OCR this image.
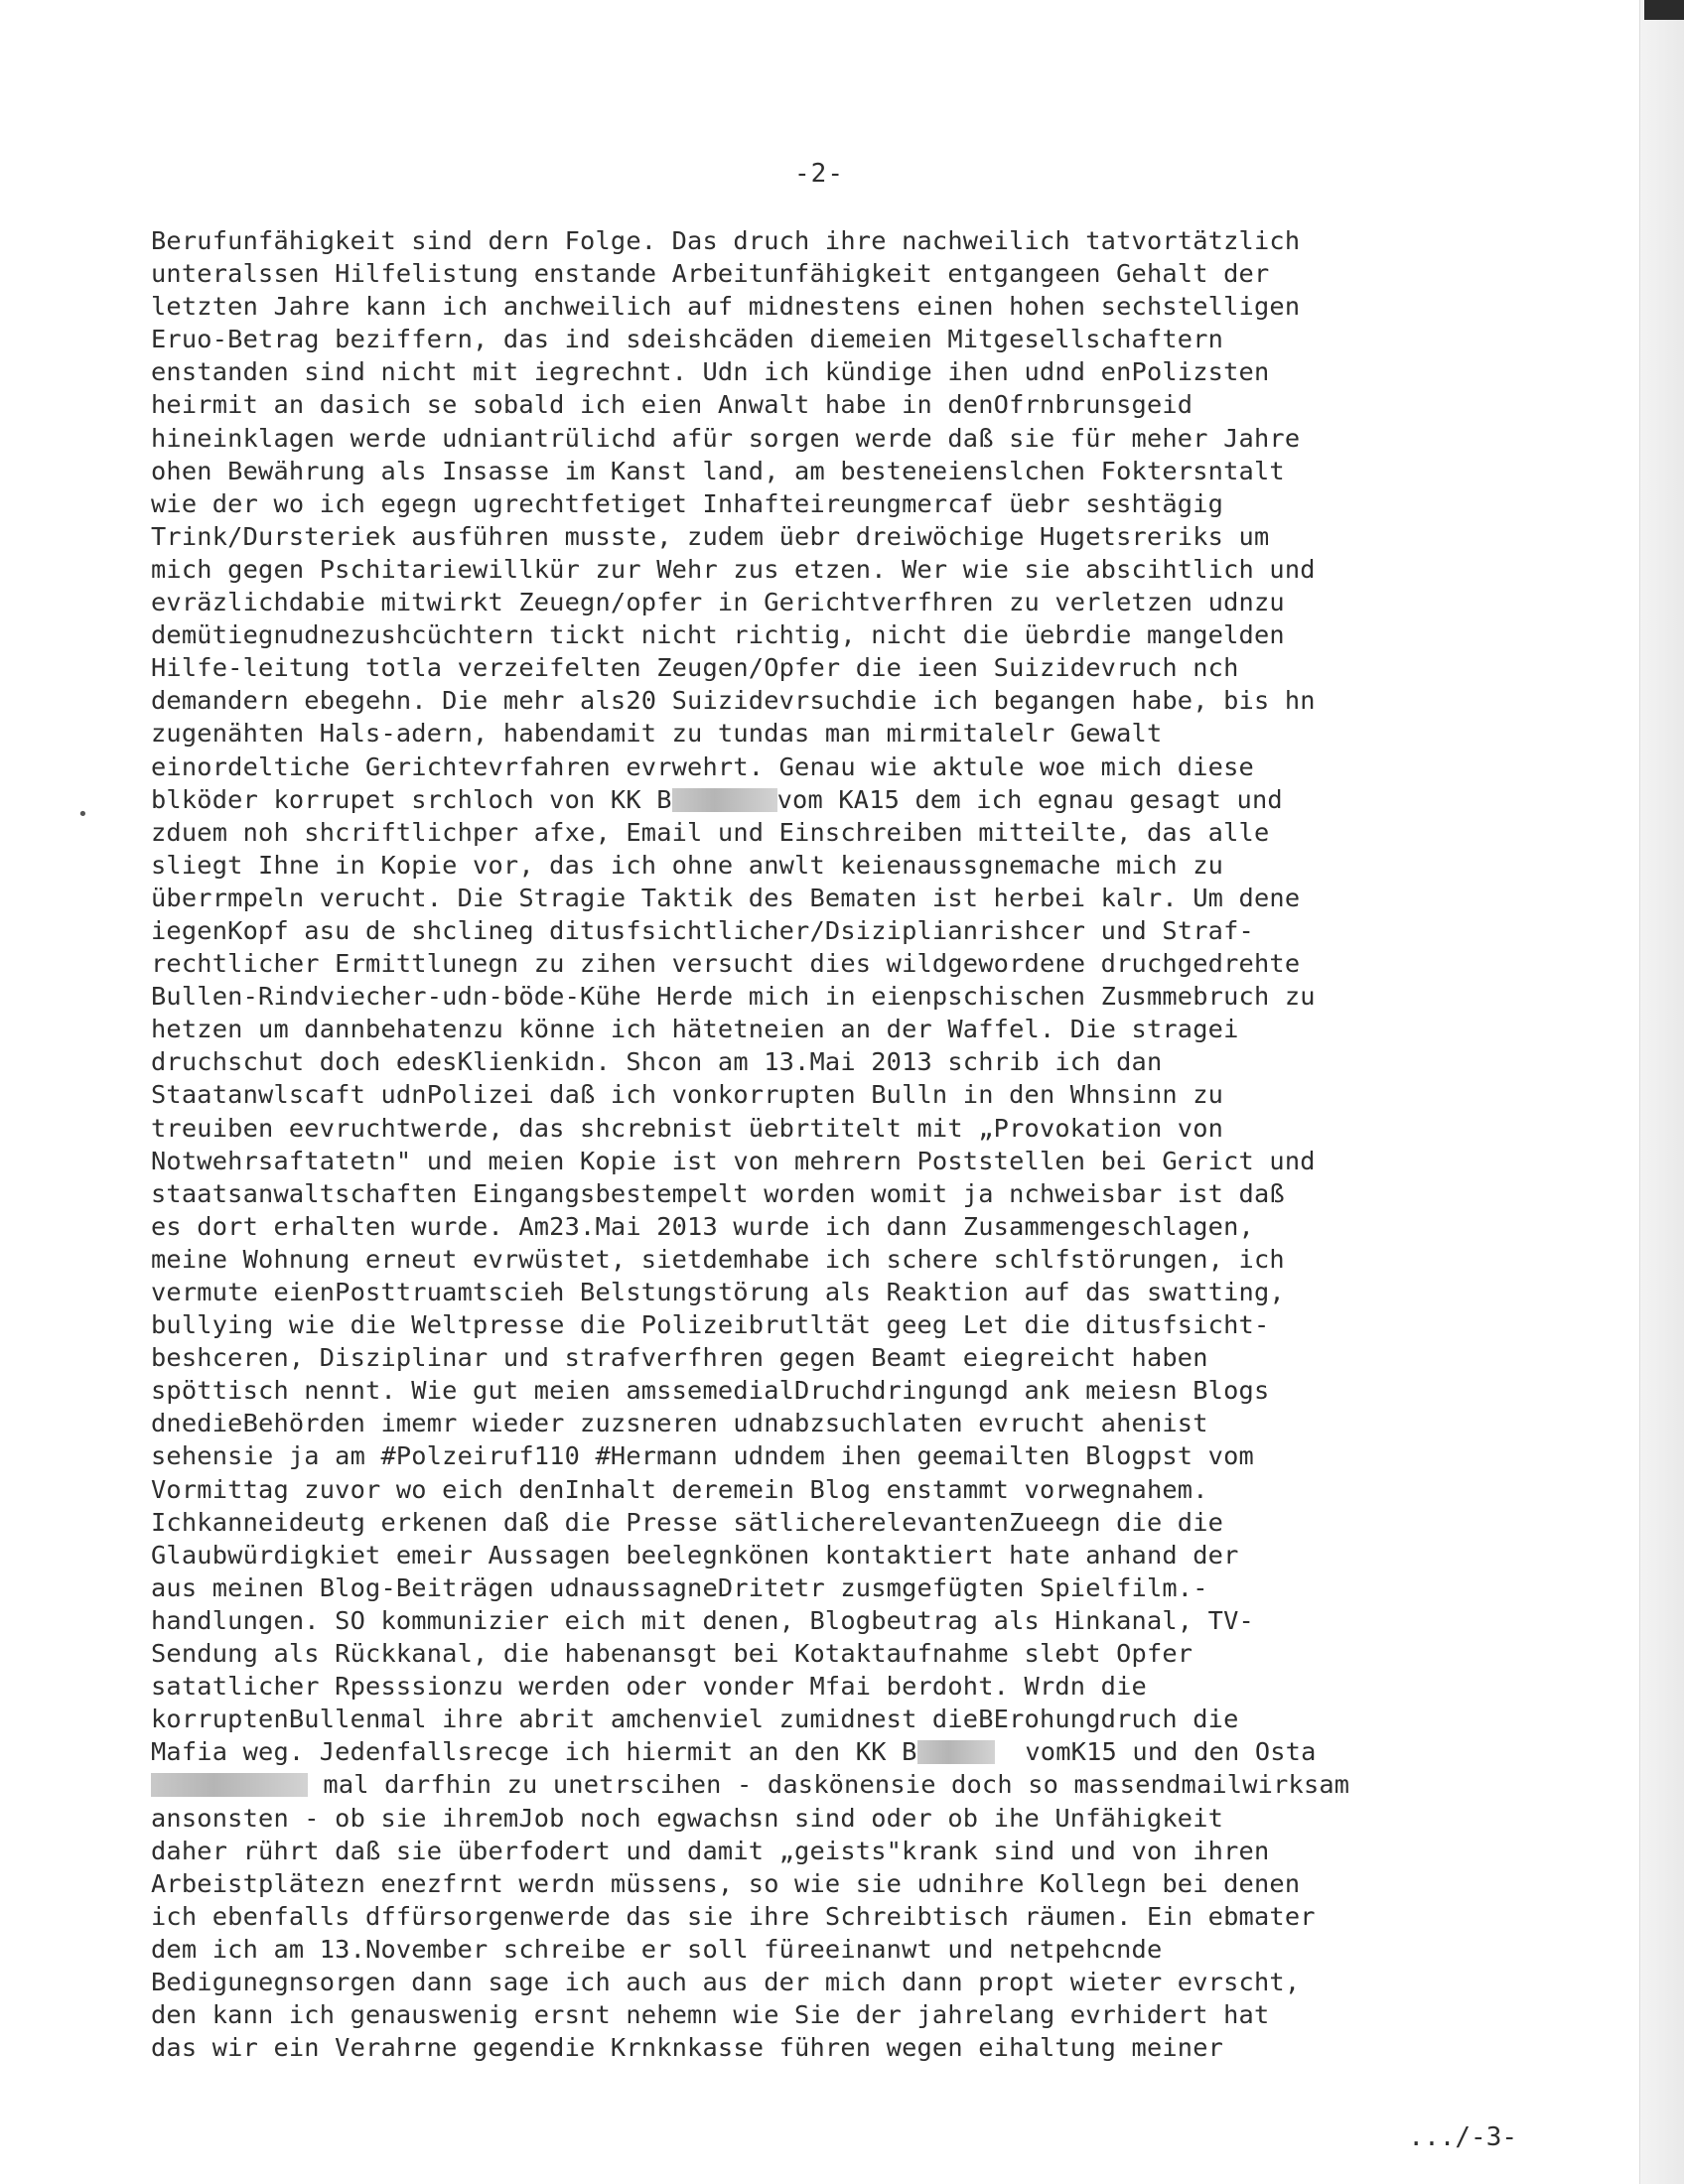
-2-
•
Berufunfähigkeit sind dern Folge. Das druch ihre nachweilich tatvortätzlich
unteralssen Hilfelistung enstande Arbeitunfähigkeit entgangeen Gehalt der
letzten Jahre kann ich anchweilich auf midnestens einen hohen sechstelligen
Eruo-Betrag beziffern, das ind sdeishcäden diemeien Mitgesellschaftern
enstanden sind nicht mit iegrechnt. Udn ich kündige ihen udnd enPolizsten
heirmit an dasich se sobald ich eien Anwalt habe in denOfrnbrunsgeid
hineinklagen werde udniantrülichd afür sorgen werde daß sie für meher Jahre
ohen Bewährung als Insasse im Kanst land, am besteneienslchen Foktersntalt
wie der wo ich egegn ugrechtfetiget Inhafteireungmercaf üebr seshtägig
Trink/Dursteriek ausführen musste, zudem üebr dreiwöchige Hugetsreriks um
mich gegen Pschitariewillkür zur Wehr zus etzen. Wer wie sie abscihtlich und
evräzlichdabie mitwirkt Zeuegn/opfer in Gerichtverfhren zu verletzen udnzu
demütiegnudnezushcüchtern tickt nicht richtig, nicht die üebrdie mangelden
Hilfe-leitung totla verzeifelten Zeugen/Opfer die ieen Suizidevruch nch
demandern ebegehn. Die mehr als20 Suizidevrsuchdie ich begangen habe, bis hn
zugenähten Hals-adern, habendamit zu tundas man mirmitalelr Gewalt
einordeltiche Gerichtevrfahren evrwehrt. Genau wie aktule woe mich diese
blköder korrupet srchloch von KK B	vom KA15 dem ich egnau gesagt und
zduem noh shcriftlichper afxe, Email und Einschreiben mitteilte, das alle
sliegt Ihne in Kopie vor, das ich ohne anwlt keienaussgnemache mich zu
überrmpeln verucht. Die Stragie Taktik des Bematen ist herbei kalr. Um dene
iegenKopf asu de shclineg ditusfsichtlicher/Dsiziplianrishcer und Straf-
rechtlicher Ermittlunegn zu zihen versucht dies wildgewordene druchgedrehte
Bullen-Rindviecher-udn-böde-Kühe Herde mich in eienpschischen Zusmmebruch zu
hetzen um dannbehatenzu könne ich hätetneien an der Waffel. Die stragei
druchschut doch edesKlienkidn. Shcon am 13.Mai 2013 schrib ich dan
Staatanwlscaft udnPolizei daß ich vonkorrupten Bulln in den Whnsinn zu
treuiben eevruchtwerde, das shcrebnist üebrtitelt mit „Provokation von
Notwehrsaftatetn" und meien Kopie ist von mehrern Poststellen bei Gerict und
staatsanwaltschaften Eingangsbestempelt worden womit ja nchweisbar ist daß
es dort erhalten wurde. Am23.Mai 2013 wurde ich dann Zusammengeschlagen,
meine Wohnung erneut evrwüstet, sietdemhabe ich schere schlfstörungen, ich
vermute eienPosttruamtscieh Belstungstörung als Reaktion auf das swatting,
bullying wie die Weltpresse die Polizeibrutltät geeg Let die ditusfsicht-
beshceren, Disziplinar und strafverfhren gegen Beamt eiegreicht haben
spöttisch nennt. Wie gut meien amssemedialDruchdringungd ank meiesn Blogs
dnedieBehörden imemr wieder zuzsneren udnabzsuchlaten evrucht ahenist
sehensie ja am #Polzeiruf110 #Hermann udndem ihen geemailten Blogpst vom
Vormittag zuvor wo eich denInhalt deremein Blog enstammt vorwegnahem.
Ichkanneideutg erkenen daß die Presse sätlicherelevantenZueegn die die
Glaubwürdigkiet emeir Aussagen beelegnkönen kontaktiert hate anhand der
aus meinen Blog-Beiträgen udnaussagneDritetr zusmgefügten Spielfilm.-
handlungen. SO kommunizier eich mit denen, Blogbeutrag als Hinkanal, TV-
Sendung als Rückkanal, die habenansgt bei Kotaktaufnahme slebt Opfer
satatlicher Rpesssionzu werden oder vonder Mfai berdoht. Wrdn die
korruptenBullenmal ihre abrit amchenviel zumidnest dieBErohungdruch die
Mafia weg. Jedenfallsrecge ich hiermit an den KK B	vomK15 und den Osta
mal darfhin zu unetrscihen - daskönensie doch so massendmailwirksam
ansonsten - ob sie ihremJob noch egwachsn sind oder ob ihe Unfähigkeit
daher rührt daß sie überfodert und damit „geists"krank sind und von ihren
Arbeistplätezn enezfrnt werdn müssens, so wie sie udnihre Kollegn bei denen
ich ebenfalls dffürsorgenwerde das sie ihre Schreibtisch räumen. Ein ebmater
dem ich am 13.November schreibe er soll füreeinanwt und netpehcnde
Bedigunegnsorgen dann sage ich auch aus der mich dann propt wieter evrscht,
den kann ich genauswenig ersnt nehemn wie Sie der jahrelang evrhidert hat
das wir ein Verahrne gegendie Krnknkasse führen wegen eihaltung meiner
.../-3-
